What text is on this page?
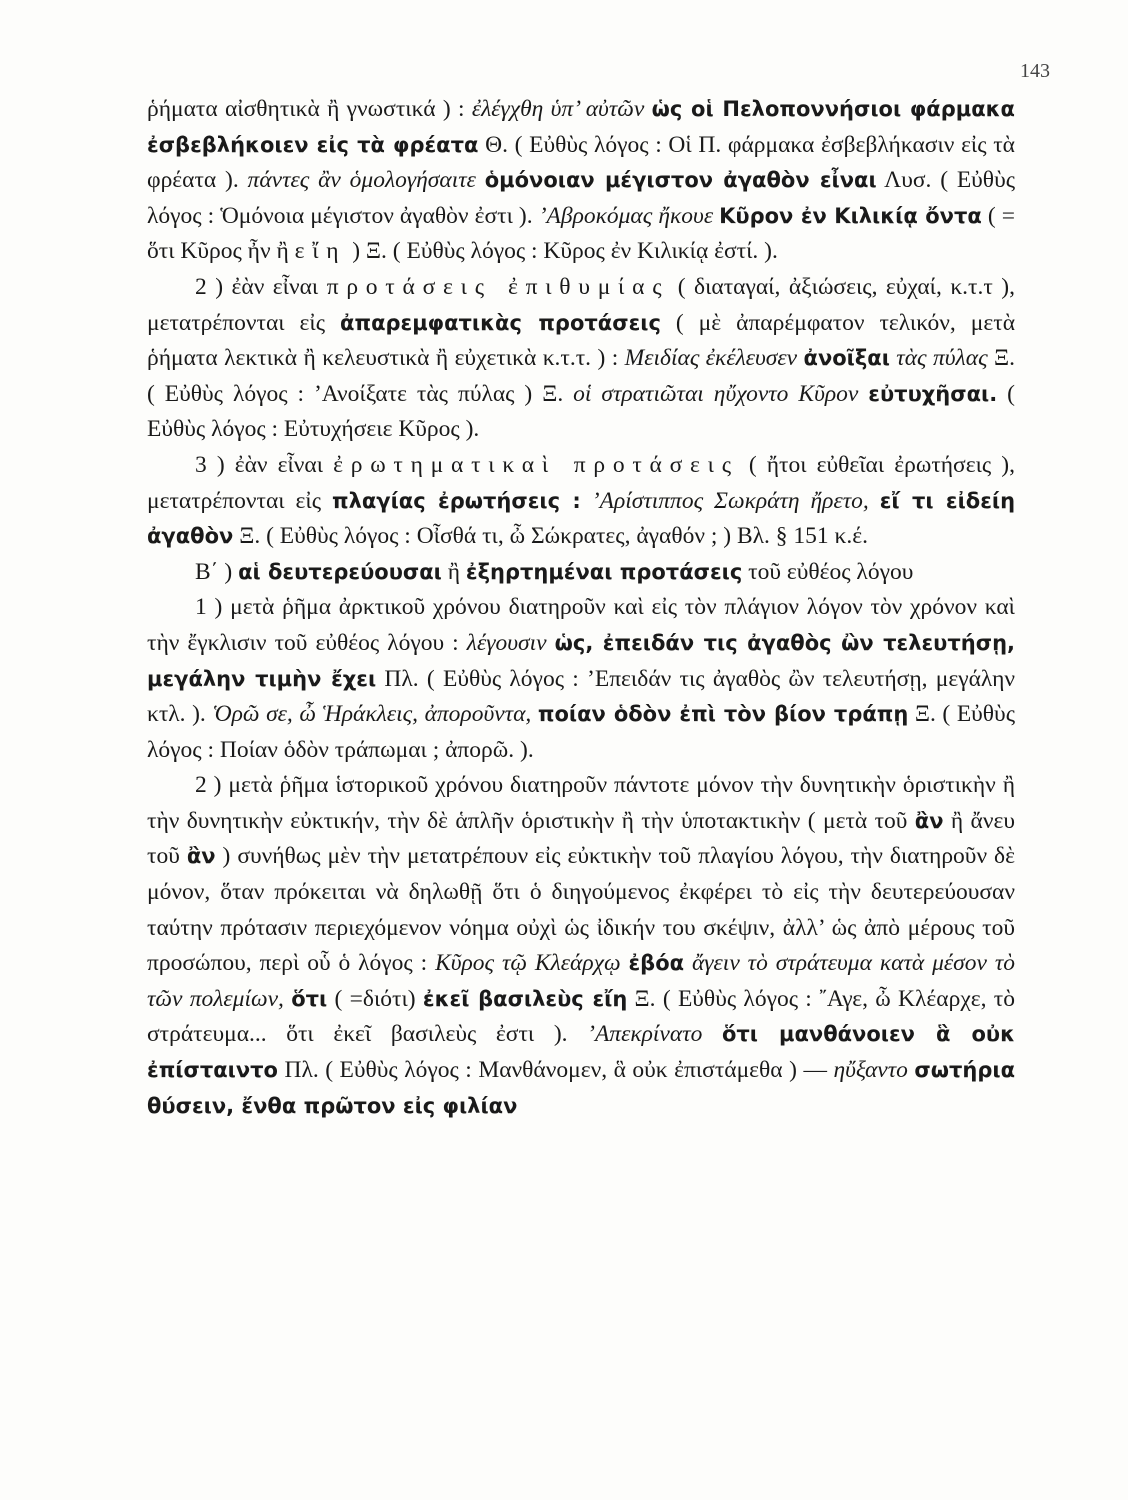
143

ῥήματα αἰσθητικὰ ἢ γνωστικά ) : ἐλέγχθη ὑπ’ αὐτῶν ὡς οἱ Πελοποννήσιοι φάρμακα ἐσβεβλήκοιεν εἰς τὰ φρέατα Θ. ( Εὐθὺς λόγος : Οἱ Π. φάρμακα ἐσβεβλήκασιν εἰς τὰ φρέατα ). πάντες ἂν ὁμολογήσαιτε ὁμόνοιαν μέγιστον ἀγαθὸν εἶναι Λυσ. ( Εὐθὺς λόγος : Ὁμόνοια μέγιστον ἀγαθὸν ἐστι ). ’Αβροκόμας ἤκουε Κῦρον ἐν Κιλικίᾳ ὄντα ( = ὅτι Κῦρος ἦν ἢ εἴη ) Ξ. ( Εὐθὺς λόγος : Κῦρος ἐν Κιλικίᾳ ἐστί. ).

2 ) ἐὰν εἶναι προτάσεις ἐπιθυμίας ( διαταγαί, ἀξιώσεις, εὐχαί, κ.τ.τ ), μετατρέπονται εἰς ἀπαρεμφατικὰς προτάσεις ( μὲ ἀπαρέμφατον τελικόν, μετὰ ῥήματα λεκτικὰ ἢ κελευστικὰ ἢ εὐχετικὰ κ.τ.τ. ) : Μειδίας ἐκέλευσεν ἀνοῖξαι τὰς πύλας Ξ. ( Εὐθὺς λόγος : ’Ανοίξατε τὰς πύλας ) Ξ. οἱ στρατιῶται ηὔχοντο Κῦρον εὐτυχῆσαι. ( Εὐθὺς λόγος : Εὐτυχήσειε Κῦρος ).

3 ) ἐὰν εἶναι ἐρωτηματικαὶ προτάσεις ( ἤτοι εὐθεῖαι ἐρωτήσεις ), μετατρέπονται εἰς πλαγίας ἐρωτήσεις : ’Αρίστιππος Σωκράτη ἤρετο, εἴ τι εἰδείη ἀγαθὸν Ξ. ( Εὐθὺς λόγος : Οἶσθά τι, ὦ Σώκρατες, ἀγαθόν ; ) Βλ. § 151 κ.έ.

Β΄ ) αἱ δευτερεύουσαι ἢ ἐξηρτημέναι προτάσεις τοῦ εὐθέος λόγου

1 ) μετὰ ῥῆμα ἀρκτικοῦ χρόνου διατηροῦν καὶ εἰς τὸν πλάγιον λόγον τὸν χρόνον καὶ τὴν ἔγκλισιν τοῦ εὐθέος λόγου : λέγουσιν ὡς, ἐπειδάν τις ἀγαθὸς ὢν τελευτήσῃ, μεγάλην τιμὴν ἔχει Πλ. ( Εὐθὺς λόγος : ’Επειδάν τις ἀγαθὸς ὢν τελευτήσῃ, μεγάλην κτλ. ). Ὁρῶ σε, ὦ Ἡράκλεις, ἀποροῦντα, ποίαν ὁδὸν ἐπὶ τὸν βίον τράπῃ Ξ. ( Εὐθὺς λόγος : Ποίαν ὁδὸν τράπωμαι ; ἀπορῶ. ).

2 ) μετὰ ῥῆμα ἱστορικοῦ χρόνου διατηροῦν πάντοτε μόνον τὴν δυνητικὴν ὁριστικὴν ἢ τὴν δυνητικὴν εὐκτικήν, τὴν δὲ ἁπλῆν ὁριστικὴν ἢ τὴν ὑποτακτικὴν ( μετὰ τοῦ ἂν ἢ ἄνευ τοῦ ἂν ) συνήθως μὲν τὴν μετατρέπουν εἰς εὐκτικὴν τοῦ πλαγίου λόγου, τὴν διατηροῦν δὲ μόνον, ὅταν πρόκειται νὰ δηλωθῇ ὅτι ὁ διηγούμενος ἐκφέρει τὸ εἰς τὴν δευτερεύουσαν ταύτην πρότασιν περιεχόμενον νόημα οὐχὶ ὡς ἰδικήν του σκέψιν, ἀλλ’ ὡς ἀπὸ μέρους τοῦ προσώπου, περὶ οὗ ὁ λόγος : Κῦρος τῷ Κλεάρχῳ ἐβόα ἄγειν τὸ στράτευμα κατὰ μέσον τὸ τῶν πολεμίων, ὅτι ( =διότι) ἐκεῖ βασιλεὺς εἴη Ξ. ( Εὐθὺς λόγος : ῎Αγε, ὦ Κλέαρχε, τὸ στράτευμα... ὅτι ἐκεῖ βασιλεὺς ἐστι ). ’Απεκρίνατο ὅτι μανθάνοιεν ἃ οὐκ ἐπίσταιντο Πλ. ( Εὐθὺς λόγος : Μανθάνομεν, ἃ οὐκ ἐπιστάμεθα ) — ηὔξαντο σωτήρια θύσειν, ἔνθα πρῶτον εἰς φιλίαν
